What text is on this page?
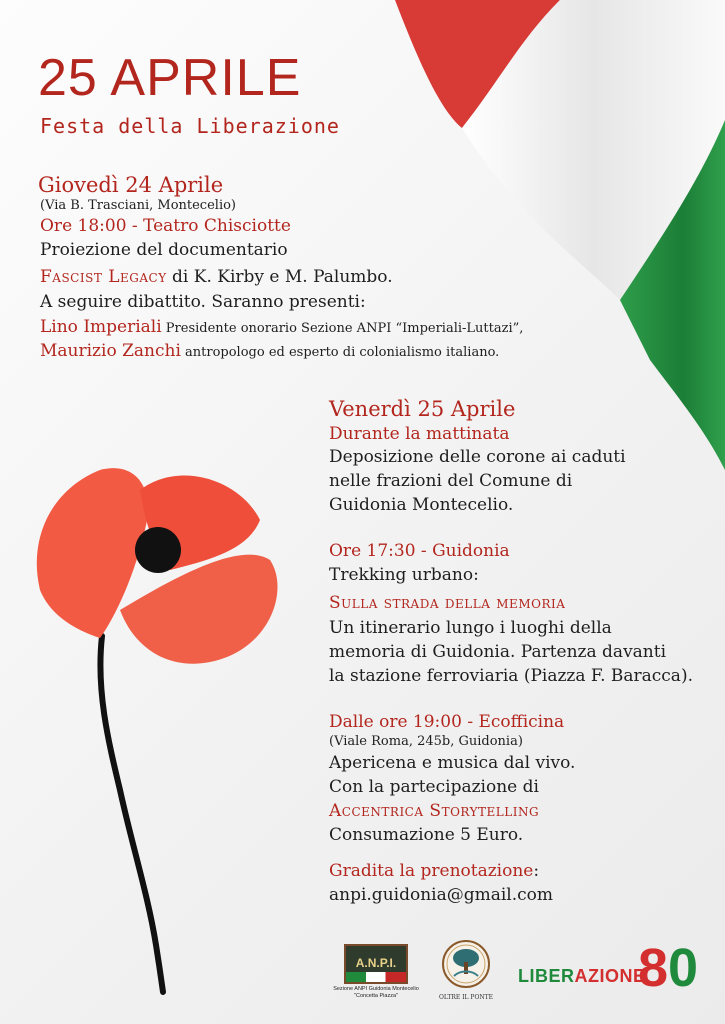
25 APRILE
Festa della Liberazione
Giovedì 24 Aprile
(Via B. Trasciani, Montecelio)
Ore 18:00 - Teatro Chisciotte
Proiezione del documentario
Fascist Legacy di K. Kirby e M. Palumbo.
A seguire dibattito. Saranno presenti:
Lino Imperiali Presidente onorario Sezione ANPI “Imperiali-Luttazi”,
Maurizio Zanchi antropologo ed esperto di colonialismo italiano.
Venerdì 25 Aprile
Durante la mattinata
Deposizione delle corone ai caduti
nelle frazioni del Comune di
Guidonia Montecelio.
Ore 17:30 - Guidonia
Trekking urbano:
Sulla strada della memoria
Un itinerario lungo i luoghi della
memoria di Guidonia. Partenza davanti
la stazione ferroviaria (Piazza F. Baracca).
Dalle ore 19:00 - Ecofficina
(Viale Roma, 245b, Guidonia)
Apericena e musica dal vivo.
Con la partecipazione di
Accentrica Storytelling
Consumazione 5 Euro.
Gradita la prenotazione:
anpi.guidonia@gmail.com
A.N.P.I.
Sezione ANPI Guidonia Montecelio
"Concetta Piazza"	OLTRE IL PONTE
LIBERAZIONE
80
